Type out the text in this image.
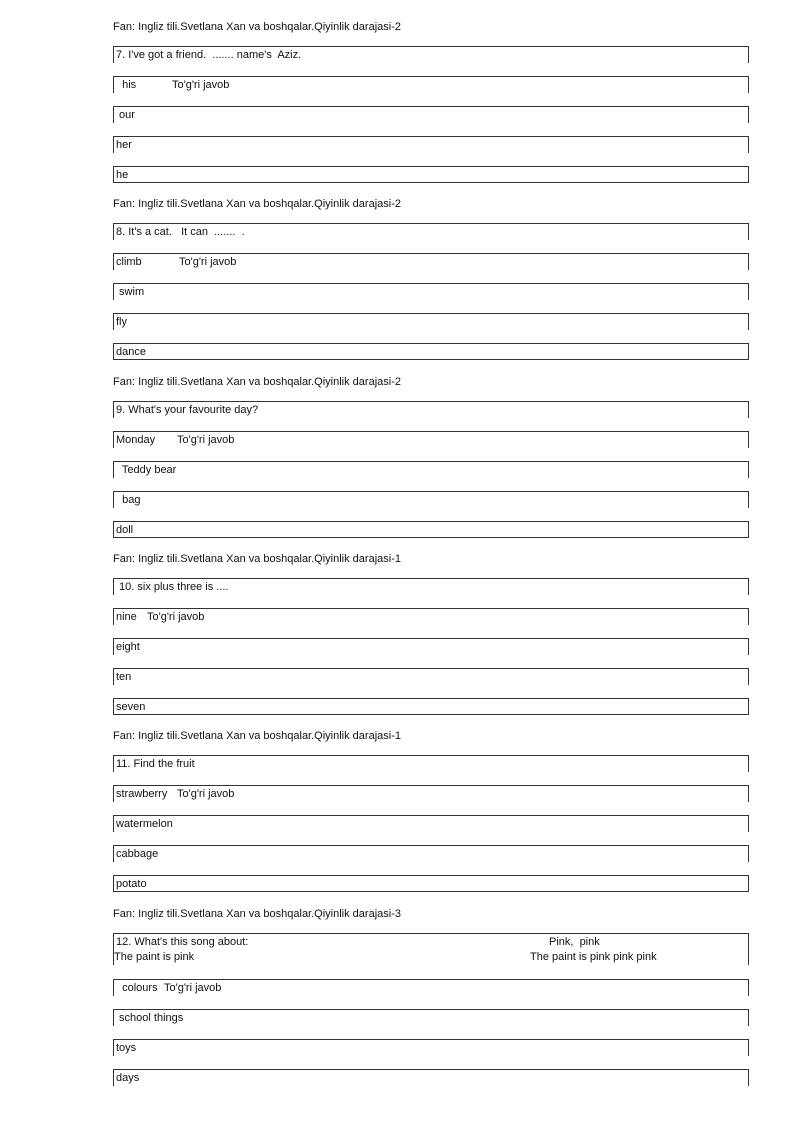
Fan: Ingliz tili.Svetlana Xan va boshqalar.Qiyinlik darajasi-2
7. I've got a friend.  ....... name's  Aziz.
his	To'g'ri javob
our
her
he
Fan: Ingliz tili.Svetlana Xan va boshqalar.Qiyinlik darajasi-2
8. It's a cat.   It can  .......  .
climb	To'g'ri javob
swim
fly
dance
Fan: Ingliz tili.Svetlana Xan va boshqalar.Qiyinlik darajasi-2
9. What's your favourite day?
Monday To'g'ri javob
Teddy bear
bag
doll
Fan: Ingliz tili.Svetlana Xan va boshqalar.Qiyinlik darajasi-1
10. six plus three is ....
nine To'g'ri javob
eight
ten
seven
Fan: Ingliz tili.Svetlana Xan va boshqalar.Qiyinlik darajasi-1
11. Find the fruit
strawberry To'g'ri javob
watermelon
cabbage
potato
Fan: Ingliz tili.Svetlana Xan va boshqalar.Qiyinlik darajasi-3
12. What's this song about:
The paint is pink
Pink,  pink
The paint is pink pink pink
colours To'g'ri javob
school things
toys
days
